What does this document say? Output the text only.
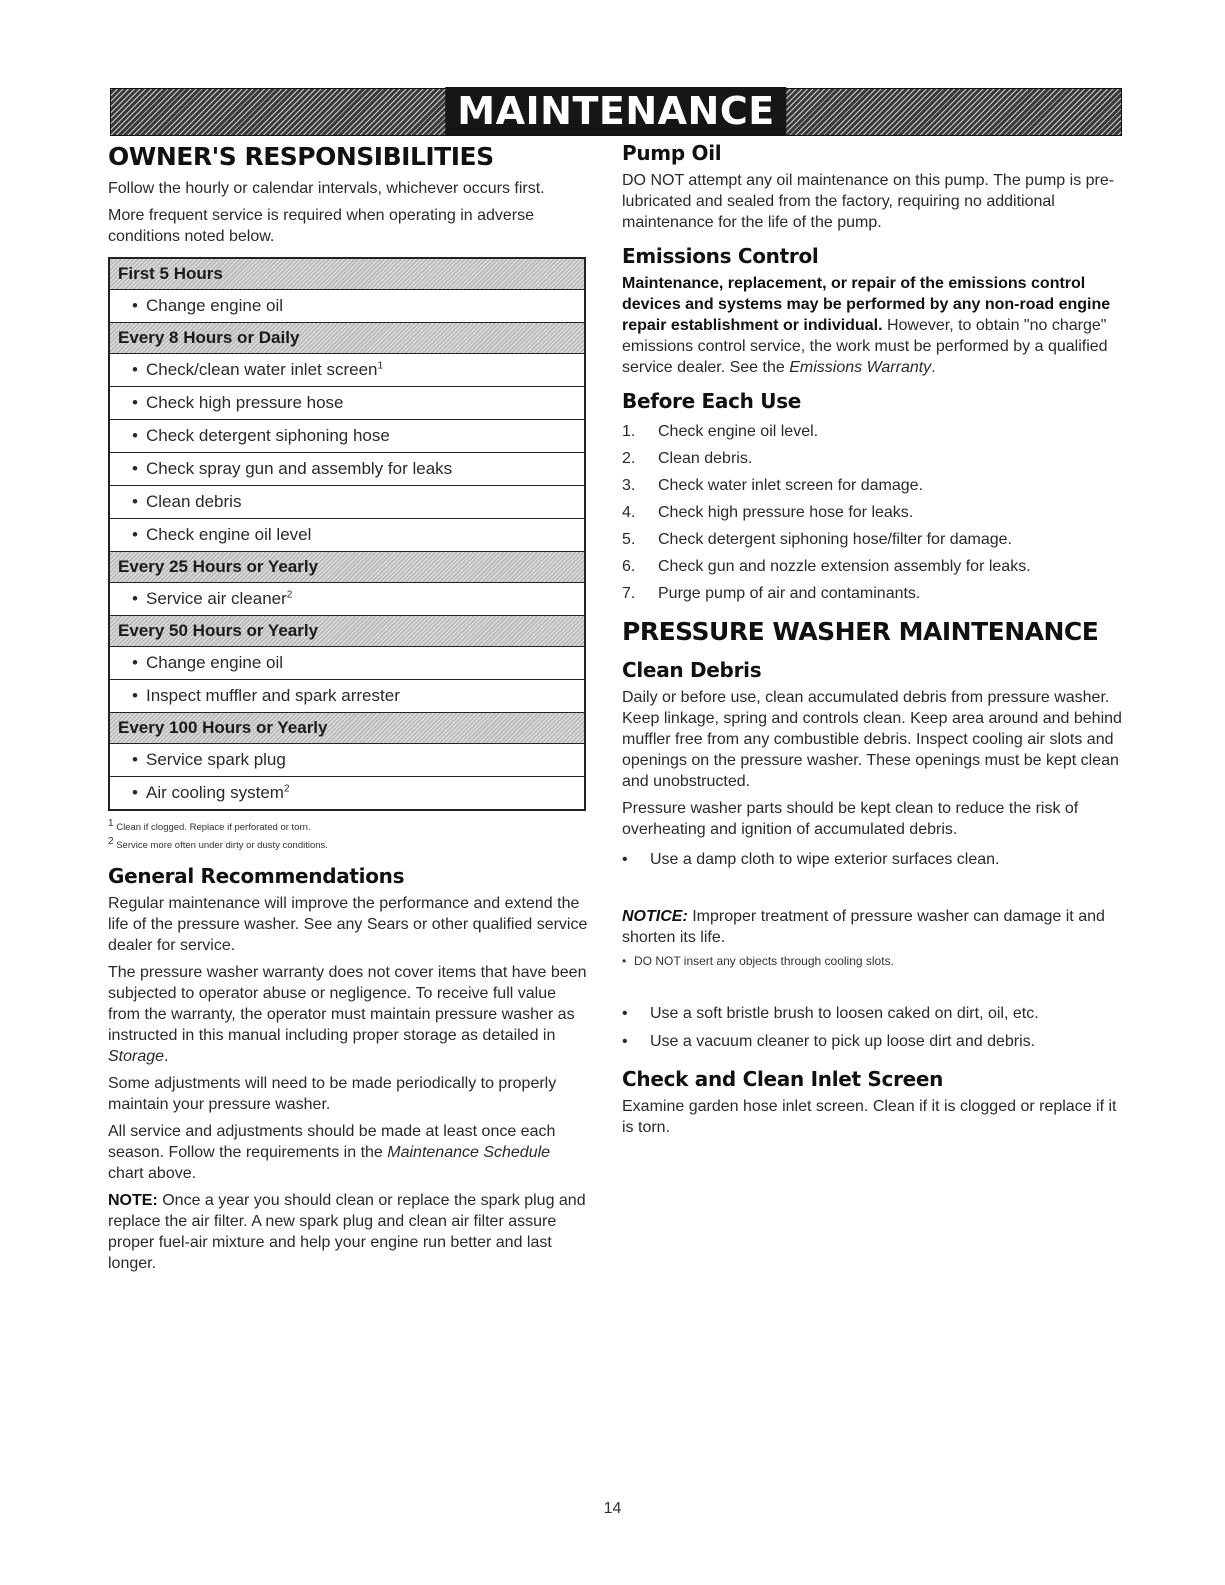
MAINTENANCE
OWNER'S RESPONSIBILITIES

Follow the hourly or calendar intervals, whichever occurs first.

More frequent service is required when operating in adverse conditions noted below.

First 5 Hours
• Change engine oil
Every 8 Hours or Daily
• Check/clean water inlet screen$^1$
• Check high pressure hose
• Check detergent siphoning hose
• Check spray gun and assembly for leaks
• Clean debris
• Check engine oil level
Every 25 Hours or Yearly
• Service air cleaner$^2$
Every 50 Hours or Yearly
• Change engine oil
• Inspect muffler and spark arrester
Every 100 Hours or Yearly
• Service spark plug
• Air cooling system$^2$
$^1$ Clean if clogged. Replace if perforated or torn.
$^2$ Service more often under dirty or dusty conditions.
General Recommendations

Regular maintenance will improve the performance and extend the life of the pressure washer. See any Sears or other qualified service dealer for service.

The pressure washer warranty does not cover items that have been subjected to operator abuse or negligence. To receive full value from the warranty, the operator must maintain pressure washer as instructed in this manual including proper storage as detailed in Storage.

Some adjustments will need to be made periodically to properly maintain your pressure washer.

All service and adjustments should be made at least once each season. Follow the requirements in the Maintenance Schedule chart above.

NOTE: Once a year you should clean or replace the spark plug and replace the air filter. A new spark plug and clean air filter assure proper fuel-air mixture and help your engine run better and last longer.

Pump Oil

DO NOT attempt any oil maintenance on this pump. The pump is pre-lubricated and sealed from the factory, requiring no additional maintenance for the life of the pump.

Emissions Control

Maintenance, replacement, or repair of the emissions control devices and systems may be performed by any non-road engine repair establishment or individual. However, to obtain "no charge" emissions control service, the work must be performed by a qualified service dealer. See the Emissions Warranty.

Before Each Use
1. Check engine oil level.
2. Clean debris.
3. Check water inlet screen for damage.
4. Check high pressure hose for leaks.
5. Check detergent siphoning hose/filter for damage.
6. Check gun and nozzle extension assembly for leaks.
7. Purge pump of air and contaminants.
PRESSURE WASHER MAINTENANCE
Clean Debris

Daily or before use, clean accumulated debris from pressure washer. Keep linkage, spring and controls clean. Keep area around and behind muffler free from any combustible debris. Inspect cooling air slots and openings on the pressure washer. These openings must be kept clean and unobstructed.

Pressure washer parts should be kept clean to reduce the risk of overheating and ignition of accumulated debris.

• Use a damp cloth to wipe exterior surfaces clean.

NOTICE: Improper treatment of pressure washer can damage it and shorten its life.

• DO NOT insert any objects through cooling slots.
• Use a soft bristle brush to loosen caked on dirt, oil, etc.
• Use a vacuum cleaner to pick up loose dirt and debris.
Check and Clean Inlet Screen

Examine garden hose inlet screen. Clean if it is clogged or replace if it is torn.

14
